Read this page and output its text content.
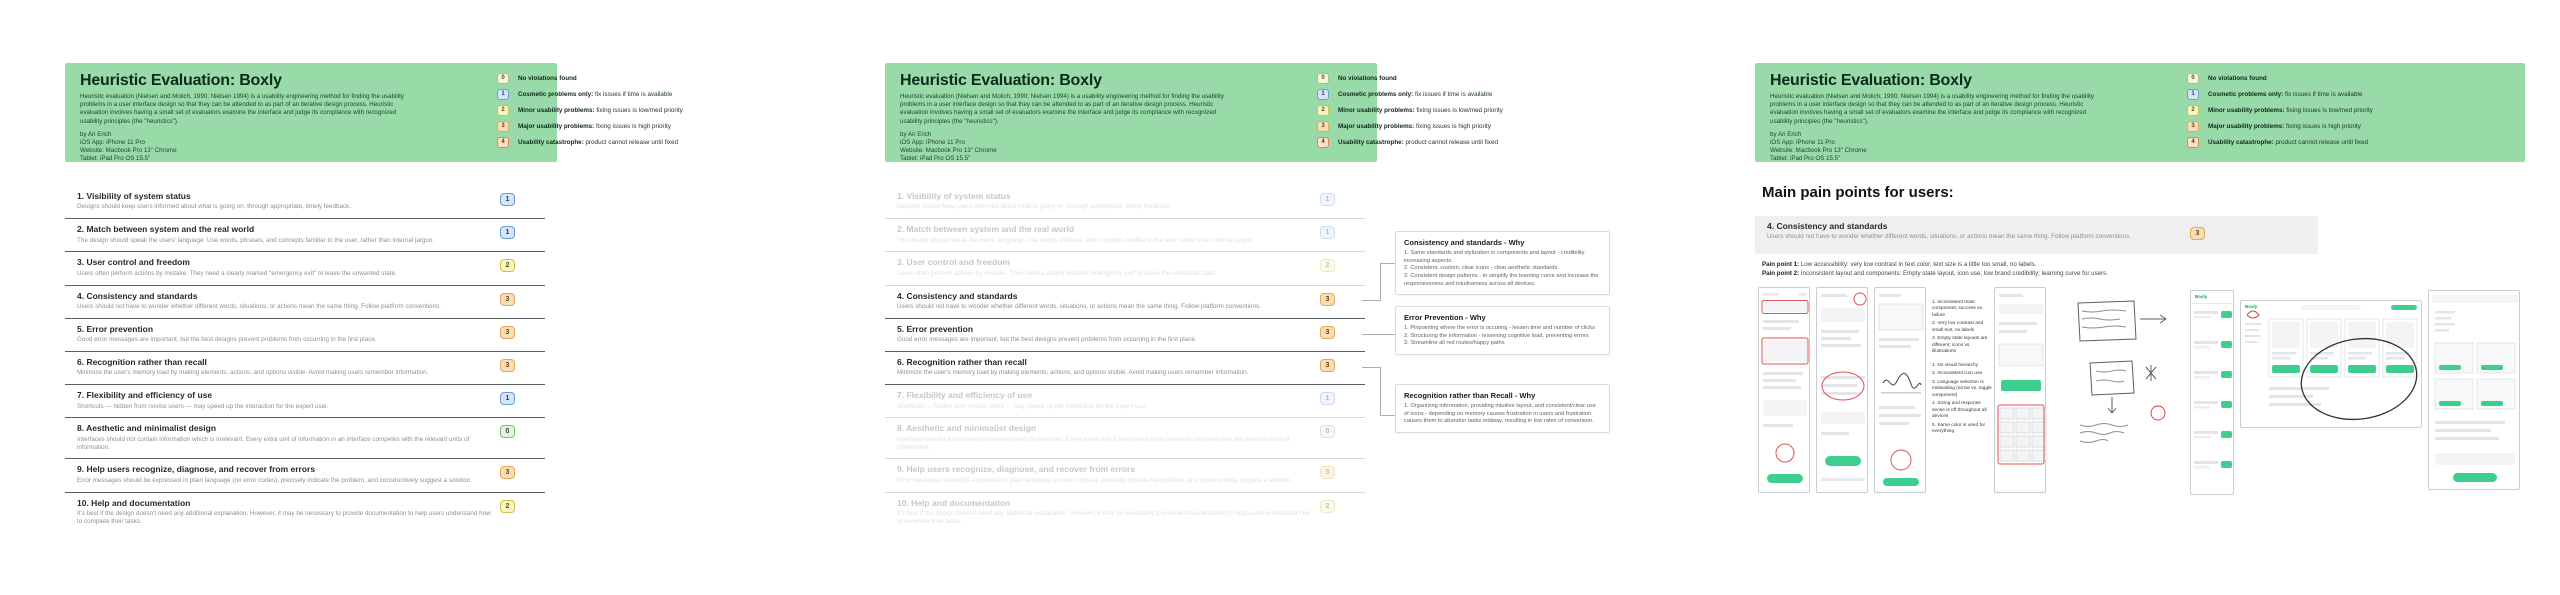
Heuristic Evaluation: Boxly
Heuristic evaluation (Nielsen and Molich, 1990; Nielsen 1994) is a usability engineering method for finding the usability problems in a user interface design so that they can be attended to as part of an iterative design process. Heuristic evaluation involves having a small set of evaluators examine the interface and judge its compliance with recognized usability principles (the "heuristics").
by Ari Erich
iOS App: iPhone 11 Pro
Website: Macbook Pro 13" Chrome
Tablet: iPad Pro OS 15.5"
0	No violations found
1	Cosmetic problems only: fix issues if time is available
2	Minor usability problems: fixing issues is low/med priority
3	Major usability problems: fixing issues is high priority
4	Usability catastrophe: product cannot release until fixed
1. Visibility of system status
Designs should keep users informed about what is going on, through appropriate, timely feedback.
1
2. Match between system and the real world
The design should speak the users' language. Use words, phrases, and concepts familiar to the user, rather than internal jargon.
1
3. User control and freedom
Users often perform actions by mistake. They need a clearly marked "emergency exit" to leave the unwanted state.
2
4. Consistency and standards
Users should not have to wonder whether different words, situations, or actions mean the same thing. Follow platform conventions.
3
5. Error prevention
Good error messages are important, but the best designs prevent problems from occurring in the first place.
3
6. Recognition rather than recall
Minimize the user's memory load by making elements, actions, and options visible. Avoid making users remember information.
3
7. Flexibility and efficiency of use
Shortcuts — hidden from novice users — may speed up the interaction for the expert user.
1
8. Aesthetic and minimalist design
Interfaces should not contain information which is irrelevant. Every extra unit of information in an interface competes with the relevant units of information.
0
9. Help users recognize, diagnose, and recover from errors
Error messages should be expressed in plain language (no error codes), precisely indicate the problem, and constructively suggest a solution.
3
10. Help and documentation
It's best if the design doesn't need any additional explanation. However, it may be necessary to provide documentation to help users understand how to complete their tasks.
2
Heuristic Evaluation: Boxly
Heuristic evaluation (Nielsen and Molich, 1990; Nielsen 1994) is a usability engineering method for finding the usability problems in a user interface design so that they can be attended to as part of an iterative design process. Heuristic evaluation involves having a small set of evaluators examine the interface and judge its compliance with recognized usability principles (the "heuristics").
by Ari Erich
iOS App: iPhone 11 Pro
Website: Macbook Pro 13" Chrome
Tablet: iPad Pro OS 15.5"
0	No violations found
1	Cosmetic problems only: fix issues if time is available
2	Minor usability problems: fixing issues is low/med priority
3	Major usability problems: fixing issues is high priority
4	Usability catastrophe: product cannot release until fixed
1. Visibility of system status
Designs should keep users informed about what is going on, through appropriate, timely feedback.
1
2. Match between system and the real world
The design should speak the users' language. Use words, phrases, and concepts familiar to the user, rather than internal jargon.
1
3. User control and freedom
Users often perform actions by mistake. They need a clearly marked "emergency exit" to leave the unwanted state.
2
4. Consistency and standards
Users should not have to wonder whether different words, situations, or actions mean the same thing. Follow platform conventions.
3
5. Error prevention
Good error messages are important, but the best designs prevent problems from occurring in the first place.
3
6. Recognition rather than recall
Minimize the user's memory load by making elements, actions, and options visible. Avoid making users remember information.
3
7. Flexibility and efficiency of use
Shortcuts — hidden from novice users — may speed up the interaction for the expert user.
1
8. Aesthetic and minimalist design
Interfaces should not contain information which is irrelevant. Every extra unit of information in an interface competes with the relevant units of information.
0
9. Help users recognize, diagnose, and recover from errors
Error messages should be expressed in plain language (no error codes), precisely indicate the problem, and constructively suggest a solution.
3
10. Help and documentation
It's best if the design doesn't need any additional explanation. However, it may be necessary to provide documentation to help users understand how to complete their tasks.
2
Consistency and standards - Why
1. Same standards and stylization in components and layout - credibility increasing aspects.
2. Consistent, custom, clear icons - clear aesthetic standards.
3. Consistent design patterns - to simplify the learning curve and increase the responsiveness and intuitiveness across all devices.
Error Prevention - Why
1. Pinpointing where the error is occuring - lessen time and number of clicks
2. Structuring the information - lessening cognitive load, preventing errors
3. Streamline all red routes/happy paths
Recognition rather than Recall - Why
1. Organizing information, providing intuitive layout, and consistent/clear use of icons - depending on memory causes frustration in users and frustration causes them to abandon tasks midway, resulting in low rates of conversion.
Heuristic Evaluation: Boxly
Heuristic evaluation (Nielsen and Molich, 1990; Nielsen 1994) is a usability engineering method for finding the usability problems in a user interface design so that they can be attended to as part of an iterative design process. Heuristic evaluation involves having a small set of evaluators examine the interface and judge its compliance with recognized usability principles (the "heuristics").
by Ari Erich
iOS App: iPhone 11 Pro
Website: Macbook Pro 13" Chrome
Tablet: iPad Pro OS 15.5"
0	No violations found
1	Cosmetic problems only: fix issues if time is available
2	Minor usability problems: fixing issues is low/med priority
3	Major usability problems: fixing issues is high priority
4	Usability catastrophe: product cannot release until fixed
Main pain points for users:
4. Consistency and standards
Users should not have to wonder whether different words, situations, or actions mean the same thing. Follow platform conventions.	3
Pain point 1: Low accessibility: very low contrast in text color, text size is a little too small, no labels.
Pain point 2: Inconsistent layout and components: Empty state layout, icon use; low brand credibility; learning curve for users.

1. Inconsistent toast component; success vs. failure

2. Very low contrast and small text, no labels

3. Empty state layouts are different; icons vs. illustrations

1. No visual hierarchy

2. Inconsistent icon use

3. Language selection is misleading (arrow vs. toggle component)

4. Sizing and response sense is off throughout all devices

5. Same color is used for everything

Boxly
Boxly
